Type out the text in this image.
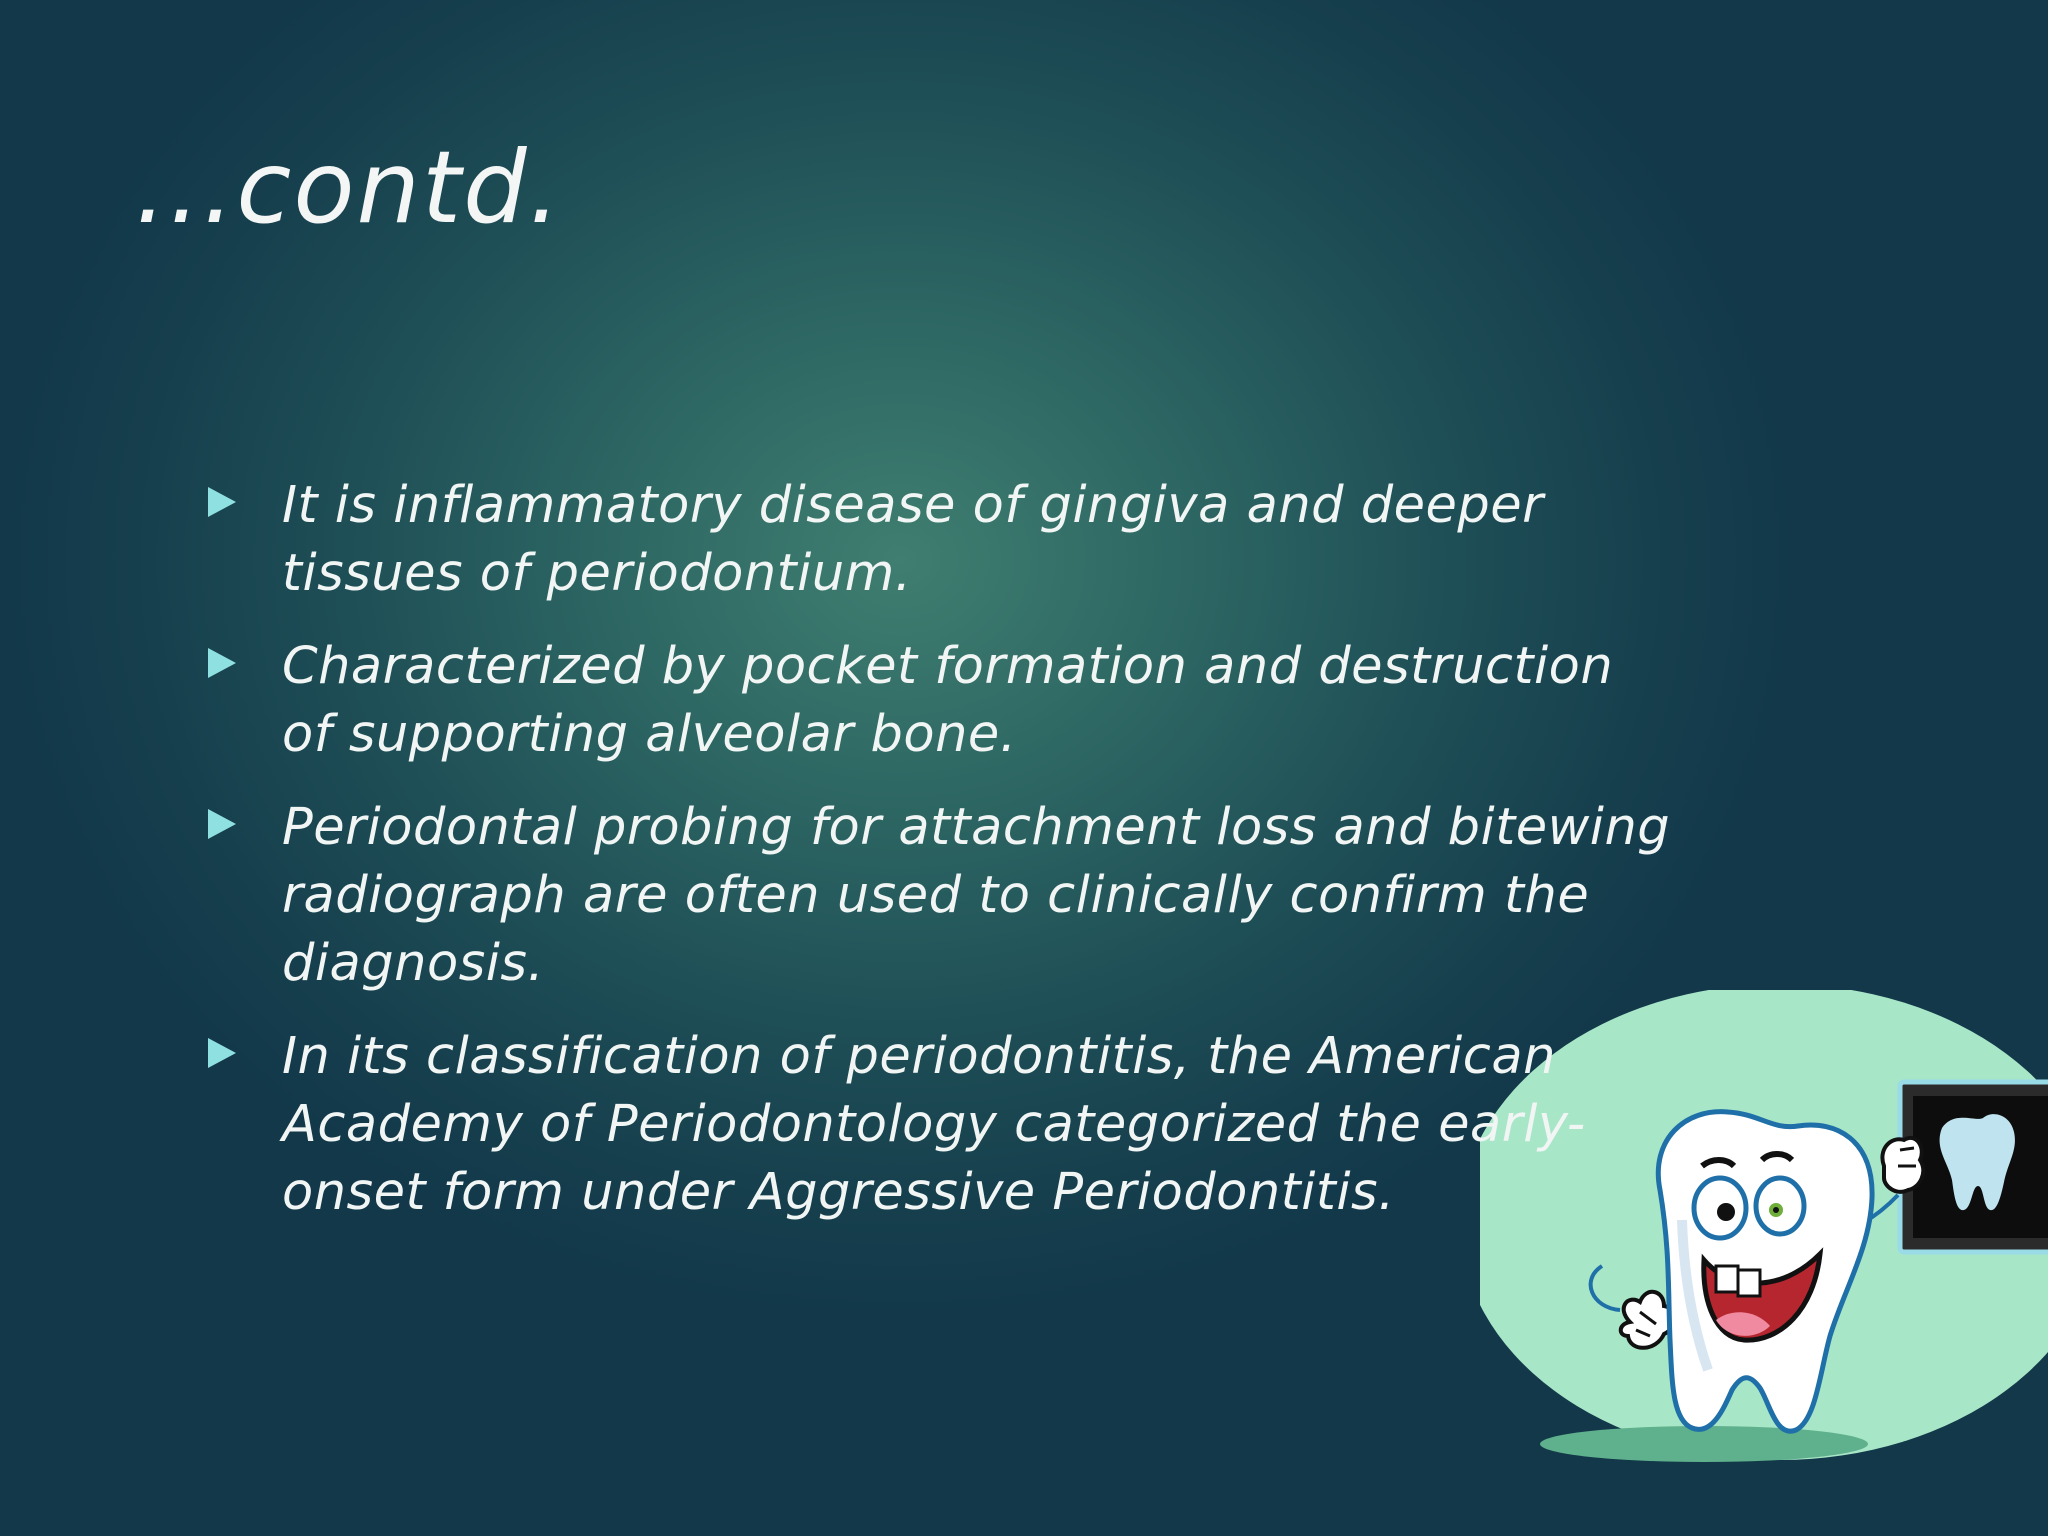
...contd.
It is inflammatory disease of gingiva and deeper tissues of periodontium.
Characterized by pocket formation and destruction of supporting alveolar bone.
Periodontal probing for attachment loss and bitewing radiograph are often used to clinically confirm the diagnosis.
In its classification of periodontitis, the American Academy of Periodontology categorized the early-onset form under Aggressive Periodontitis.
